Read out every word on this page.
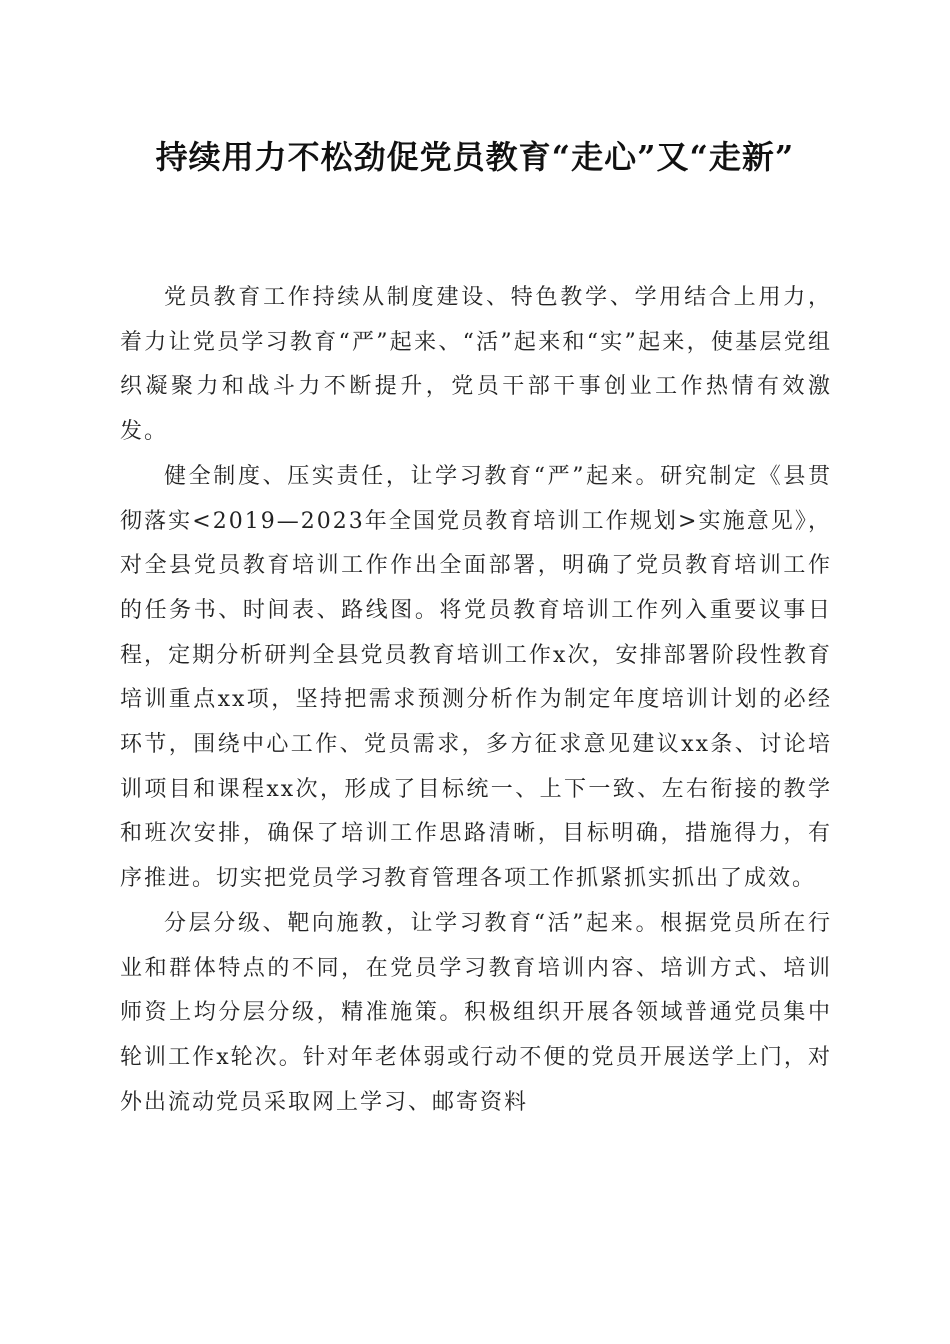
持续用力不松劲促党员教育“走心”又“走新”

党员教育工作持续从制度建设、特色教学、学用结合上用力，着力让党员学习教育“严”起来、“活”起来和“实”起来，使基层党组织凝聚力和战斗力不断提升，党员干部干事创业工作热情有效激发。

健全制度、压实责任，让学习教育“严”起来。研究制定《县贯彻落实<2019—2023年全国党员教育培训工作规划>实施意见》，对全县党员教育培训工作作出全面部署，明确了党员教育培训工作的任务书、时间表、路线图。将党员教育培训工作列入重要议事日程，定期分析研判全县党员教育培训工作x次，安排部署阶段性教育培训重点xx项，坚持把需求预测分析作为制定年度培训计划的必经环节，围绕中心工作、党员需求，多方征求意见建议xx条、讨论培训项目和课程xx次，形成了目标统一、上下一致、左右衔接的教学和班次安排，确保了培训工作思路清晰，目标明确，措施得力，有序推进。切实把党员学习教育管理各项工作抓紧抓实抓出了成效。

分层分级、靶向施教，让学习教育“活”起来。根据党员所在行业和群体特点的不同，在党员学习教育培训内容、培训方式、培训师资上均分层分级，精准施策。积极组织开展各领域普通党员集中轮训工作x轮次。针对年老体弱或行动不便的党员开展送学上门，对外出流动党员采取网上学习、邮寄资料
